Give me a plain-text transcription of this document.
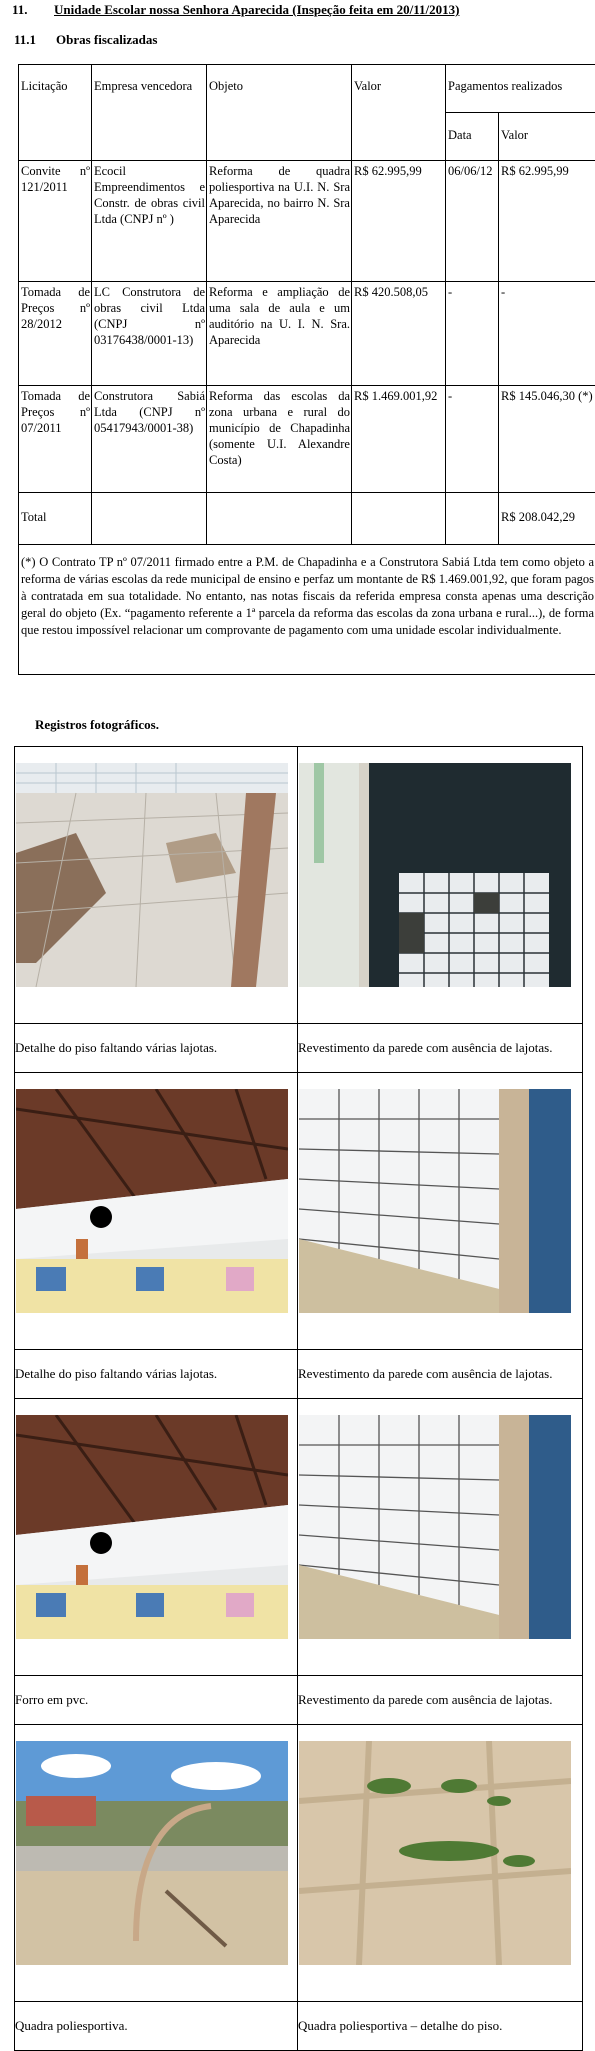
11. Unidade Escolar nossa Senhora Aparecida (Inspeção feita em 20/11/2013)
11.1 Obras fiscalizadas
Licitação	Empresa vencedora	Objeto	Valor	Pagamentos realizados	
				Data	Valor
Convite nº 121/2011	Ecocil Empreendimentos e Constr. de obras civil Ltda (CNPJ nº )	Reforma de quadra poliesportiva na U.I. N. Sra Aparecida, no bairro N. Sra Aparecida	R$ 62.995,99	06/06/12	R$ 62.995,99
Tomada de Preços nº 28/2012	LC Construtora de obras civil Ltda (CNPJ nº 03176438/0001-13)	Reforma e ampliação de uma sala de aula e um auditório na U. I. N. Sra. Aparecida	R$ 420.508,05	-	-
Tomada de Preços nº 07/2011	Construtora Sabiá Ltda (CNPJ nº 05417943/0001-38)	Reforma das escolas da zona urbana e rural do município de Chapadinha (somente U.I. Alexandre Costa)	R$ 1.469.001,92	-	R$ 145.046,30 (*)
Total					R$ 208.042,29
(*) O Contrato TP nº 07/2011 firmado entre a P.M. de Chapadinha e a Construtora Sabiá Ltda tem como objeto a reforma de várias escolas da rede municipal de ensino e perfaz um montante de R$ 1.469.001,92, que foram pagos à contratada em sua totalidade. No entanto, nas notas fiscais da referida empresa consta apenas uma descrição geral do objeto (Ex. “pagamento referente a 1ª parcela da reforma das escolas da zona urbana e rural...), de forma que restou impossível relacionar um comprovante de pagamento com uma unidade escolar individualmente.					
Registros fotográficos.

Detalhe do piso faltando várias lajotas.	Revestimento da parede com ausência de lajotas.

Detalhe do piso faltando várias lajotas.	Revestimento da parede com ausência de lajotas.

Forro em pvc.	Revestimento da parede com ausência de lajotas.

Quadra poliesportiva.	Quadra poliesportiva – detalhe do piso.
